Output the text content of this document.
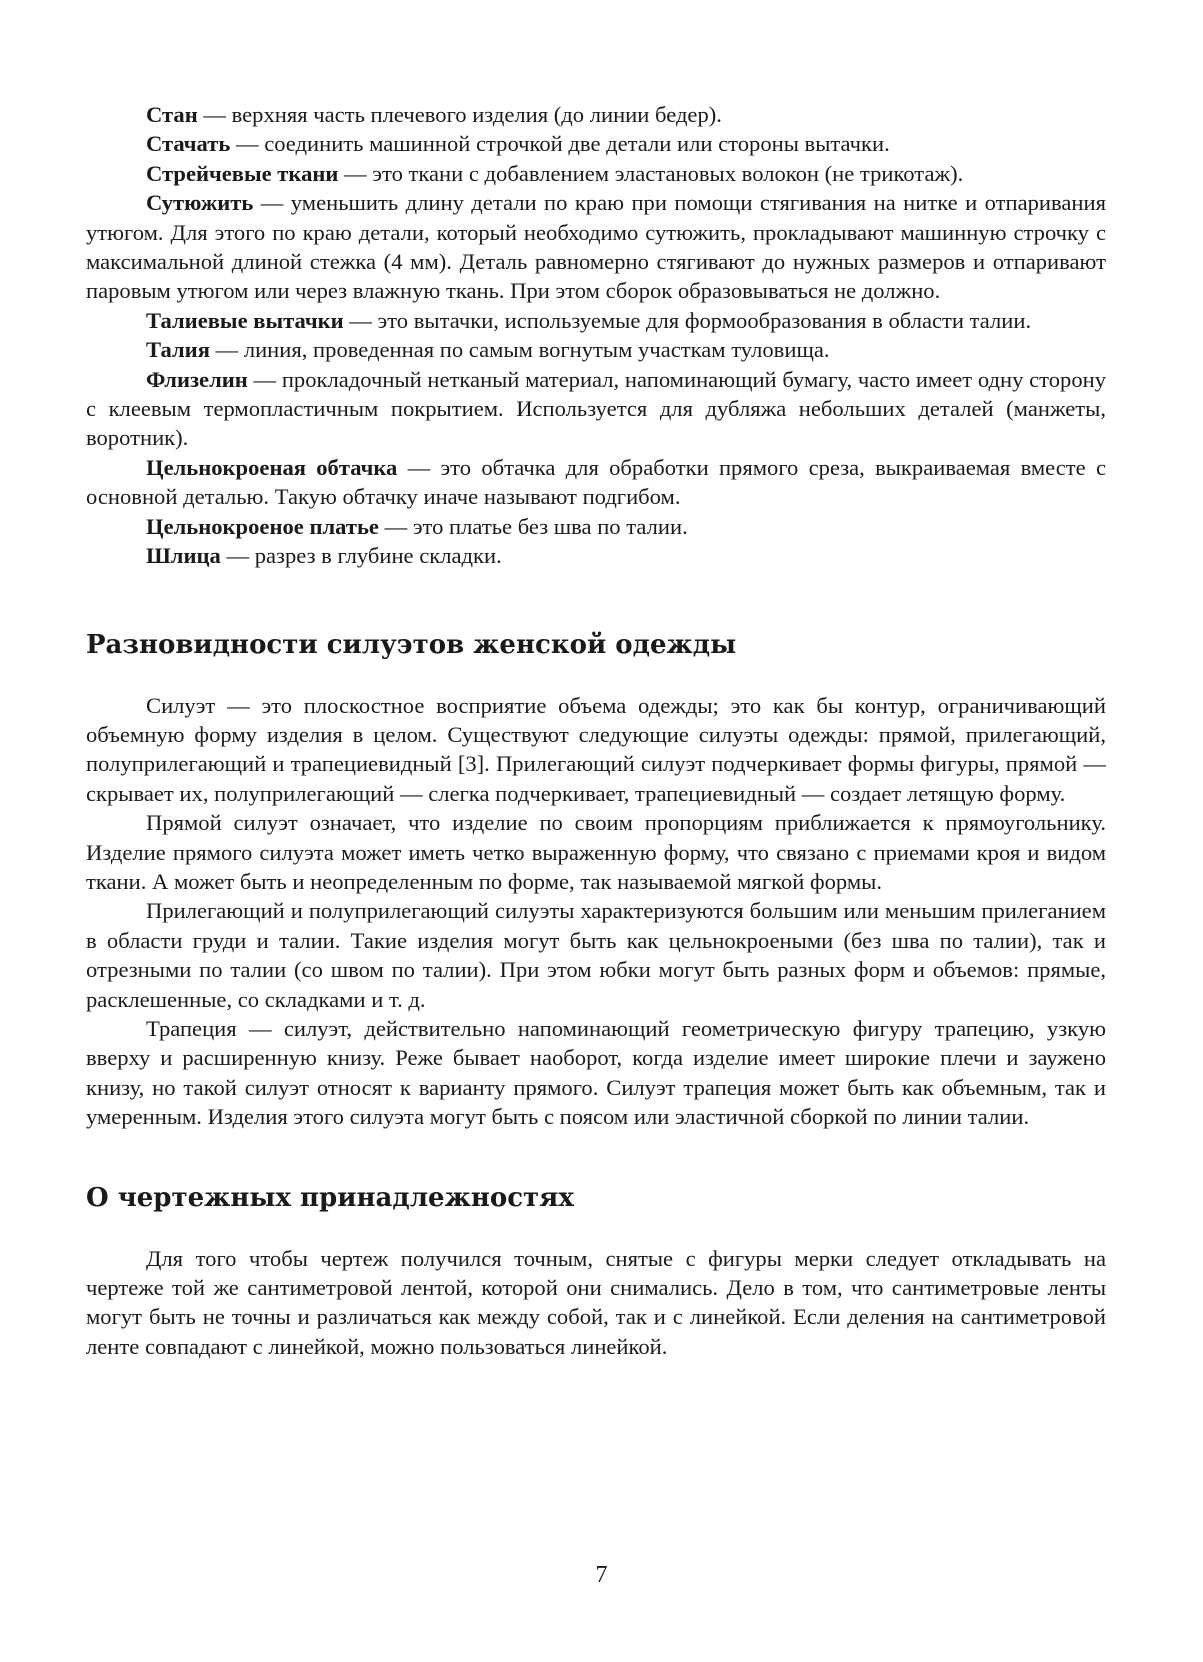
Стан — верхняя часть плечевого изделия (до линии бедер).

Стачать — соединить машинной строчкой две детали или стороны вытачки.

Стрейчевые ткани — это ткани с добавлением эластановых волокон (не трикотаж).

Сутюжить — уменьшить длину детали по краю при помощи стягивания на нитке и отпаривания утюгом. Для этого по краю детали, который необходимо сутюжить, прокладывают машинную строчку с максимальной длиной стежка (4 мм). Деталь равномерно стягивают до нужных размеров и отпаривают паровым утюгом или через влажную ткань. При этом сборок образовываться не должно.

Талиевые вытачки — это вытачки, используемые для формообразования в области талии.

Талия — линия, проведенная по самым вогнутым участкам туловища.

Флизелин — прокладочный нетканый материал, напоминающий бумагу, часто имеет одну сторону с клеевым термопластичным покрытием. Используется для дубляжа небольших деталей (манжеты, воротник).

Цельнокроеная обтачка — это обтачка для обработки прямого среза, выкраиваемая вместе с основной деталью. Такую обтачку иначе называют подгибом.

Цельнокроеное платье — это платье без шва по талии.

Шлица — разрез в глубине складки.

Разновидности силуэтов женской одежды

Силуэт — это плоскостное восприятие объема одежды; это как бы контур, ограничивающий объемную форму изделия в целом. Существуют следующие силуэты одежды: прямой, прилегающий, полуприлегающий и трапециевидный [3]. Прилегающий силуэт подчеркивает формы фигуры, прямой — скрывает их, полуприлегающий — слегка подчеркивает, трапециевидный — создает летящую форму.

Прямой силуэт означает, что изделие по своим пропорциям приближается к прямоугольнику. Изделие прямого силуэта может иметь четко выраженную форму, что связано с приемами кроя и видом ткани. А может быть и неопределенным по форме, так называемой мягкой формы.

Прилегающий и полуприлегающий силуэты характеризуются большим или меньшим прилеганием в области груди и талии. Такие изделия могут быть как цельнокроеными (без шва по талии), так и отрезными по талии (со швом по талии). При этом юбки могут быть разных форм и объемов: прямые, расклешенные, со складками и т. д.

Трапеция — силуэт, действительно напоминающий геометрическую фигуру трапецию, узкую вверху и расширенную книзу. Реже бывает наоборот, когда изделие имеет широкие плечи и заужено книзу, но такой силуэт относят к варианту прямого. Силуэт трапеция может быть как объемным, так и умеренным. Изделия этого силуэта могут быть с поясом или эластичной сборкой по линии талии.

О чертежных принадлежностях

Для того чтобы чертеж получился точным, снятые с фигуры мерки следует откладывать на чертеже той же сантиметровой лентой, которой они снимались. Дело в том, что сантиметровые ленты могут быть не точны и различаться как между собой, так и с линейкой. Если деления на сантиметровой ленте совпадают с линейкой, можно пользоваться линейкой.

7
